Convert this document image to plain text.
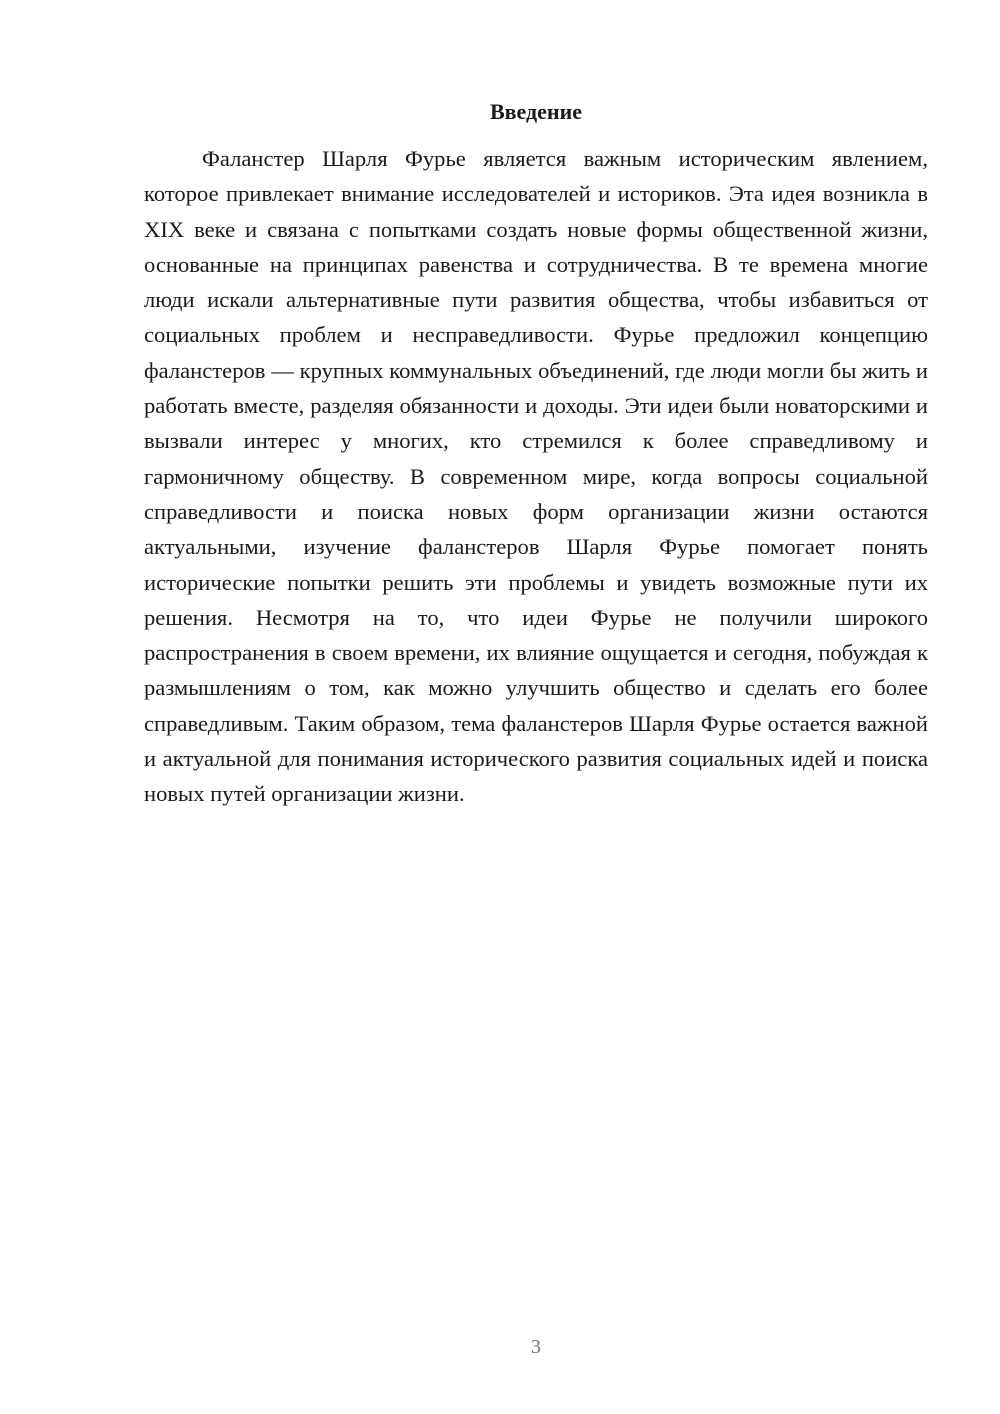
Введение

Фаланстер Шарля Фурье является важным историческим явлением, которое привлекает внимание исследователей и историков. Эта идея возникла в XIX веке и связана с попытками создать новые формы общественной жизни, основанные на принципах равенства и сотрудничества. В те времена многие люди искали альтернативные пути развития общества, чтобы избавиться от социальных проблем и несправедливости. Фурье предложил концепцию фаланстеров — крупных коммунальных объединений, где люди могли бы жить и работать вместе, разделяя обязанности и доходы. Эти идеи были новаторскими и вызвали интерес у многих, кто стремился к более справедливому и гармоничному обществу. В современном мире, когда вопросы социальной справедливости и поиска новых форм организации жизни остаются актуальными, изучение фаланстеров Шарля Фурье помогает понять исторические попытки решить эти проблемы и увидеть возможные пути их решения. Несмотря на то, что идеи Фурье не получили широкого распространения в своем времени, их влияние ощущается и сегодня, побуждая к размышлениям о том, как можно улучшить общество и сделать его более справедливым. Таким образом, тема фаланстеров Шарля Фурье остается важной и актуальной для понимания исторического развития социальных идей и поиска новых путей организации жизни.

3
